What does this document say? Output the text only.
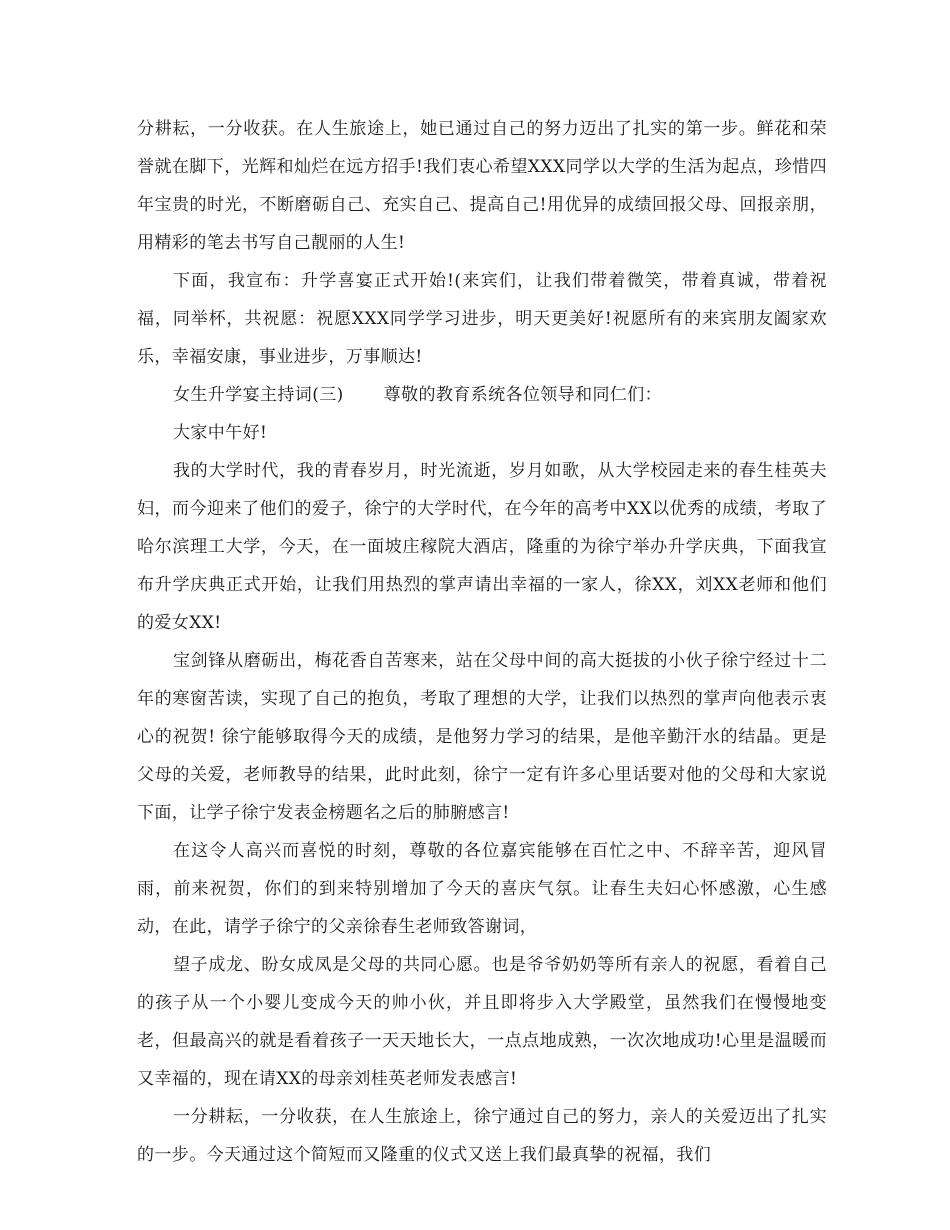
分耕耘，一分收获。在人生旅途上，她已通过自己的努力迈出了扎实的第一步。鲜花和荣誉就在脚下，光辉和灿烂在远方招手!我们衷心希望XXX同学以大学的生活为起点，珍惜四年宝贵的时光，不断磨砺自己、充实自己、提高自己!用优异的成绩回报父母、回报亲朋，用精彩的笔去书写自己靓丽的人生!

下面，我宣布：升学喜宴正式开始!(来宾们，让我们带着微笑，带着真诚，带着祝福，同举杯，共祝愿：祝愿XXX同学学习进步，明天更美好!祝愿所有的来宾朋友阖家欢乐，幸福安康，事业进步，万事顺达!

女生升学宴主持词(三) 尊敬的教育系统各位领导和同仁们：

大家中午好!

我的大学时代，我的青春岁月，时光流逝，岁月如歌，从大学校园走来的春生桂英夫妇，而今迎来了他们的爱子，徐宁的大学时代，在今年的高考中XX以优秀的成绩，考取了哈尔滨理工大学，今天，在一面坡庄稼院大酒店，隆重的为徐宁举办升学庆典，下面我宣布升学庆典正式开始，让我们用热烈的掌声请出幸福的一家人，徐XX，刘XX老师和他们的爱女XX!

宝剑锋从磨砺出，梅花香自苦寒来，站在父母中间的高大挺拔的小伙子徐宁经过十二年的寒窗苦读，实现了自己的抱负，考取了理想的大学，让我们以热烈的掌声向他表示衷心的祝贺! 徐宁能够取得今天的成绩，是他努力学习的结果，是他辛勤汗水的结晶。更是父母的关爱，老师教导的结果，此时此刻，徐宁一定有许多心里话要对他的父母和大家说下面，让学子徐宁发表金榜题名之后的肺腑感言!

在这令人高兴而喜悦的时刻，尊敬的各位嘉宾能够在百忙之中、不辞辛苦，迎风冒雨，前来祝贺，你们的到来特别增加了今天的喜庆气氛。让春生夫妇心怀感激，心生感动，在此，请学子徐宁的父亲徐春生老师致答谢词，

望子成龙、盼女成凤是父母的共同心愿。也是爷爷奶奶等所有亲人的祝愿，看着自己的孩子从一个小婴儿变成今天的帅小伙，并且即将步入大学殿堂，虽然我们在慢慢地变老，但最高兴的就是看着孩子一天天地长大，一点点地成熟，一次次地成功!心里是温暖而又幸福的，现在请XX的母亲刘桂英老师发表感言!

一分耕耘，一分收获，在人生旅途上，徐宁通过自己的努力，亲人的关爱迈出了扎实的一步。今天通过这个简短而又隆重的仪式又送上我们最真挚的祝福，我们
